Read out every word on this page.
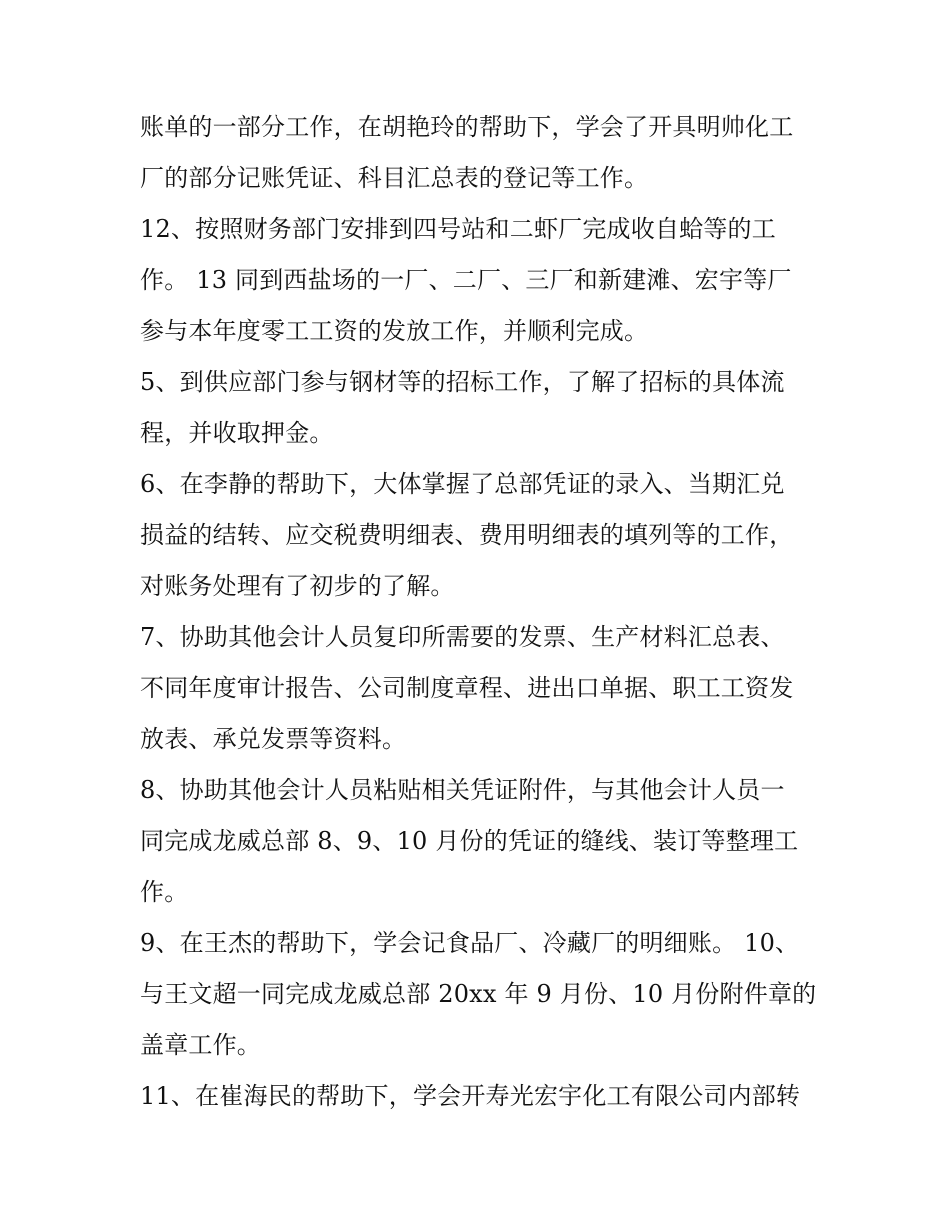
账单的一部分工作，在胡艳玲的帮助下，学会了开具明帅化工
厂的部分记账凭证、科目汇总表的登记等工作。
12、按照财务部门安排到四号站和二虾厂完成收自蛤等的工
作。 13 同到西盐场的一厂、二厂、三厂和新建滩、宏宇等厂
参与本年度零工工资的发放工作，并顺利完成。
5、到供应部门参与钢材等的招标工作，了解了招标的具体流
程，并收取押金。
6、在李静的帮助下，大体掌握了总部凭证的录入、当期汇兑
损益的结转、应交税费明细表、费用明细表的填列等的工作，
对账务处理有了初步的了解。
7、协助其他会计人员复印所需要的发票、生产材料汇总表、
不同年度审计报告、公司制度章程、进出口单据、职工工资发
放表、承兑发票等资料。
8、协助其他会计人员粘贴相关凭证附件，与其他会计人员一
同完成龙威总部 8、9、10 月份的凭证的缝线、装订等整理工
作。
9、在王杰的帮助下，学会记食品厂、冷藏厂的明细账。 10、
与王文超一同完成龙威总部 20xx 年 9 月份、10 月份附件章的
盖章工作。
11、在崔海民的帮助下，学会开寿光宏宇化工有限公司内部转
